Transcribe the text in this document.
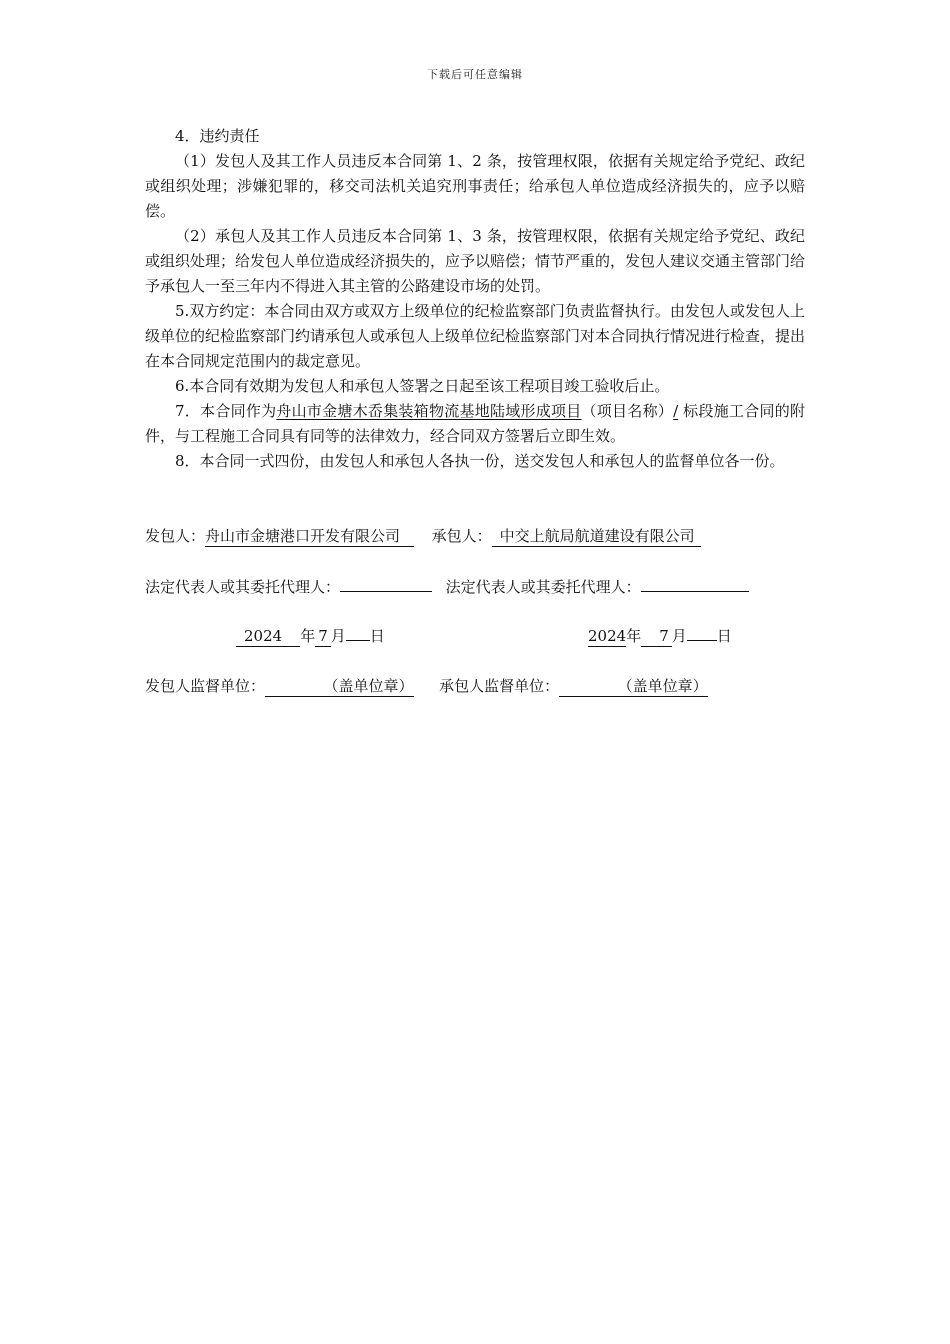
下载后可任意编辑

4．违约责任

（1）发包人及其工作人员违反本合同第 1、2 条，按管理权限，依据有关规定给予党纪、政纪或组织处理；涉嫌犯罪的，移交司法机关追究刑事责任；给承包人单位造成经济损失的，应予以赔偿。

（2）承包人及其工作人员违反本合同第 1、3 条，按管理权限，依据有关规定给予党纪、政纪或组织处理；给发包人单位造成经济损失的，应予以赔偿；情节严重的，发包人建议交通主管部门给予承包人一至三年内不得进入其主管的公路建设市场的处罚。

5.双方约定：本合同由双方或双方上级单位的纪检监察部门负责监督执行。由发包人或发包人上级单位的纪检监察部门约请承包人或承包人上级单位纪检监察部门对本合同执行情况进行检查，提出在本合同规定范围内的裁定意见。

6.本合同有效期为发包人和承包人签署之日起至该工程项目竣工验收后止。

7．本合同作为舟山市金塘木岙集装箱物流基地陆域形成项目（项目名称）/ 标段施工合同的附件，与工程施工合同具有同等的法律效力，经合同双方签署后立即生效。

8．本合同一式四份，由发包人和承包人各执一份，送交发包人和承包人的监督单位各一份。

发包人：舟山市金塘港口开发有限公司 承包人： 中交上航局航道建设有限公司
法定代表人或其委托代理人：	法定代表人或其委托代理人：
2024 年 7 月 日	2024年 7 月 日
发包人监督单位：	（盖单位章） 承包人监督单位：	（盖单位章）
